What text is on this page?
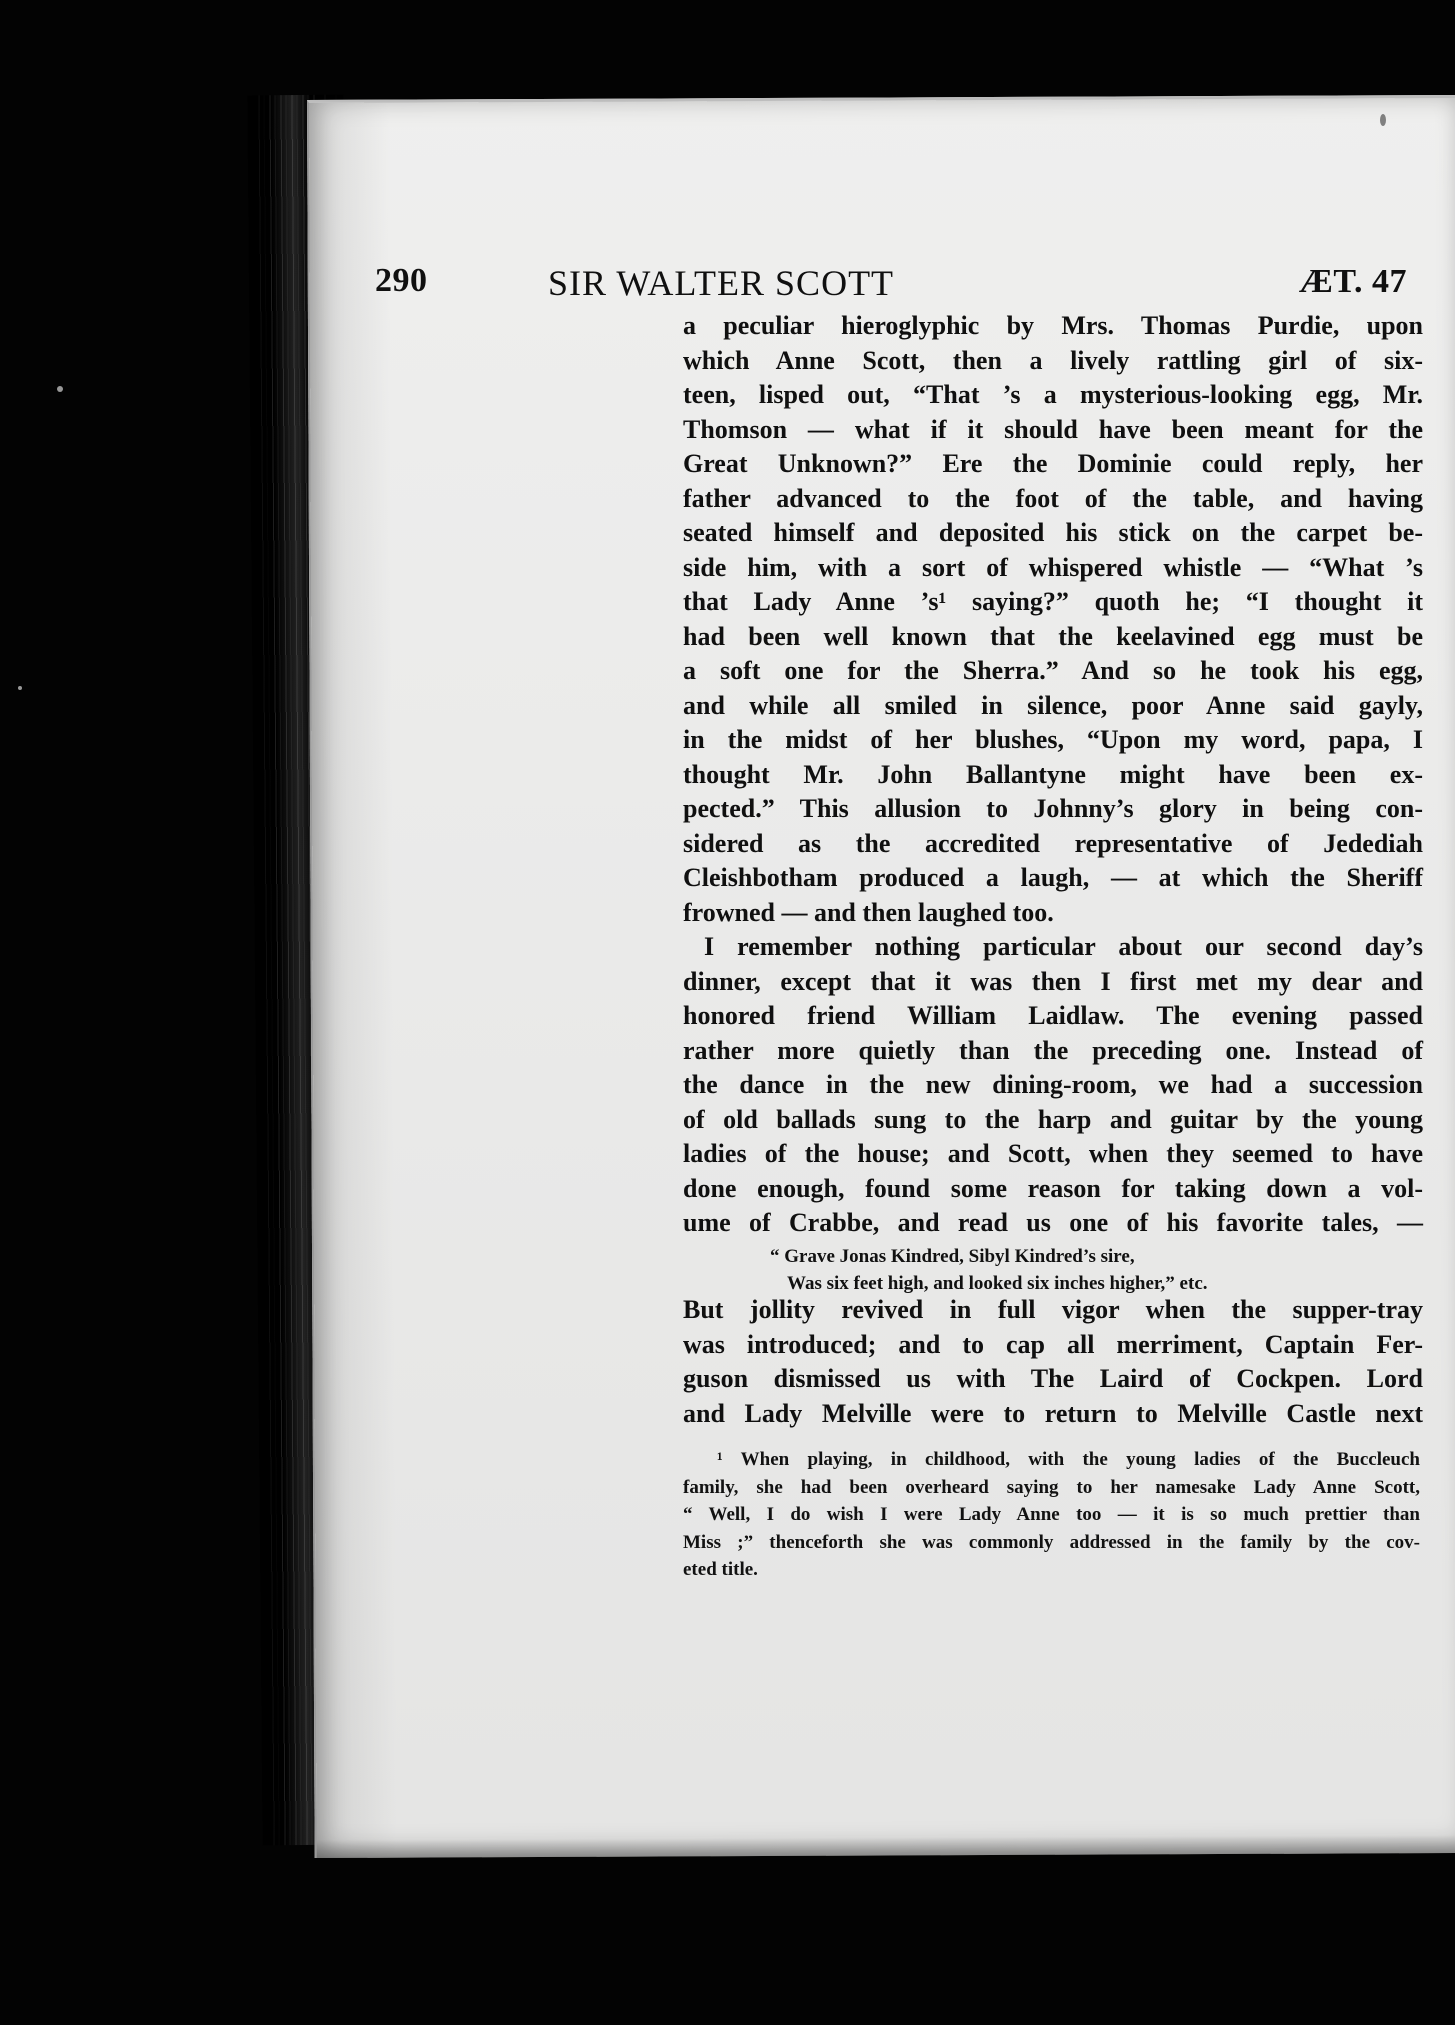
290	SIR WALTER SCOTT	ÆT. 47
a peculiar hieroglyphic by Mrs. Thomas Purdie, upon
which Anne Scott, then a lively rattling girl of six-
teen, lisped out, “That ’s a mysterious-looking egg, Mr.
Thomson — what if it should have been meant for the
Great Unknown?” Ere the Dominie could reply, her
father advanced to the foot of the table, and having
seated himself and deposited his stick on the carpet be-
side him, with a sort of whispered whistle — “What ’s
that Lady Anne ’s¹ saying?” quoth he; “I thought it
had been well known that the keelavined egg must be
a soft one for the Sherra.” And so he took his egg,
and while all smiled in silence, poor Anne said gayly,
in the midst of her blushes, “Upon my word, papa, I
thought Mr. John Ballantyne might have been ex-
pected.” This allusion to Johnny’s glory in being con-
sidered as the accredited representative of Jedediah
Cleishbotham produced a laugh, — at which the Sheriff
frowned — and then laughed too.
I remember nothing particular about our second day’s
dinner, except that it was then I first met my dear and
honored friend William Laidlaw. The evening passed
rather more quietly than the preceding one. Instead of
the dance in the new dining-room, we had a succession
of old ballads sung to the harp and guitar by the young
ladies of the house; and Scott, when they seemed to have
done enough, found some reason for taking down a vol-
ume of Crabbe, and read us one of his favorite tales, —
“ Grave Jonas Kindred, Sibyl Kindred’s sire,
Was six feet high, and looked six inches higher,” etc.
But jollity revived in full vigor when the supper-tray
was introduced; and to cap all merriment, Captain Fer-
guson dismissed us with The Laird of Cockpen. Lord
and Lady Melville were to return to Melville Castle next
¹ When playing, in childhood, with the young ladies of the Buccleuch
family, she had been overheard saying to her namesake Lady Anne Scott,
“ Well, I do wish I were Lady Anne too — it is so much prettier than
Miss ;” thenceforth she was commonly addressed in the family by the cov-
eted title.
